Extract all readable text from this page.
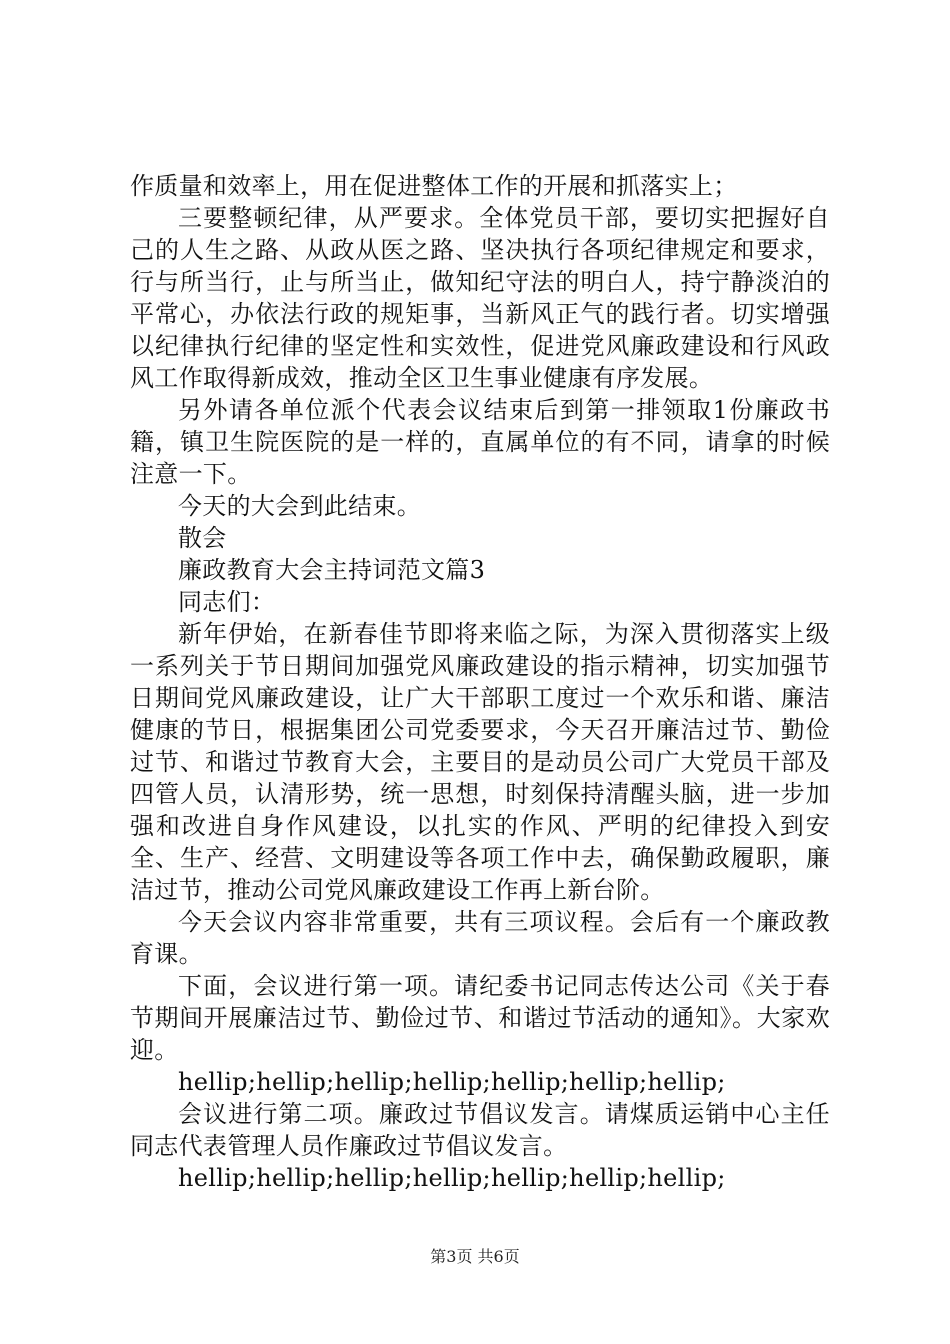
作质量和效率上，用在促进整体工作的开展和抓落实上；

三要整顿纪律，从严要求。全体党员干部，要切实把握好自己的人生之路、从政从医之路、坚决执行各项纪律规定和要求，行与所当行，止与所当止，做知纪守法的明白人，持宁静淡泊的平常心，办依法行政的规矩事，当新风正气的践行者。切实增强以纪律执行纪律的坚定性和实效性，促进党风廉政建设和行风政风工作取得新成效，推动全区卫生事业健康有序发展。

另外请各单位派个代表会议结束后到第一排领取1份廉政书籍，镇卫生院医院的是一样的，直属单位的有不同，请拿的时候注意一下。

今天的大会到此结束。

散会

廉政教育大会主持词范文篇3

同志们：

新年伊始，在新春佳节即将来临之际，为深入贯彻落实上级一系列关于节日期间加强党风廉政建设的指示精神，切实加强节日期间党风廉政建设，让广大干部职工度过一个欢乐和谐、廉洁健康的节日，根据集团公司党委要求，今天召开廉洁过节、勤俭过节、和谐过节教育大会，主要目的是动员公司广大党员干部及四管人员，认清形势，统一思想，时刻保持清醒头脑，进一步加强和改进自身作风建设，以扎实的作风、严明的纪律投入到安全、生产、经营、文明建设等各项工作中去，确保勤政履职，廉洁过节，推动公司党风廉政建设工作再上新台阶。

今天会议内容非常重要，共有三项议程。会后有一个廉政教育课。

下面，会议进行第一项。请纪委书记同志传达公司《关于春节期间开展廉洁过节、勤俭过节、和谐过节活动的通知》。大家欢迎。

hellip;hellip;hellip;hellip;hellip;hellip;hellip;

会议进行第二项。廉政过节倡议发言。请煤质运销中心主任同志代表管理人员作廉政过节倡议发言。

hellip;hellip;hellip;hellip;hellip;hellip;hellip;

第3页 共6页
